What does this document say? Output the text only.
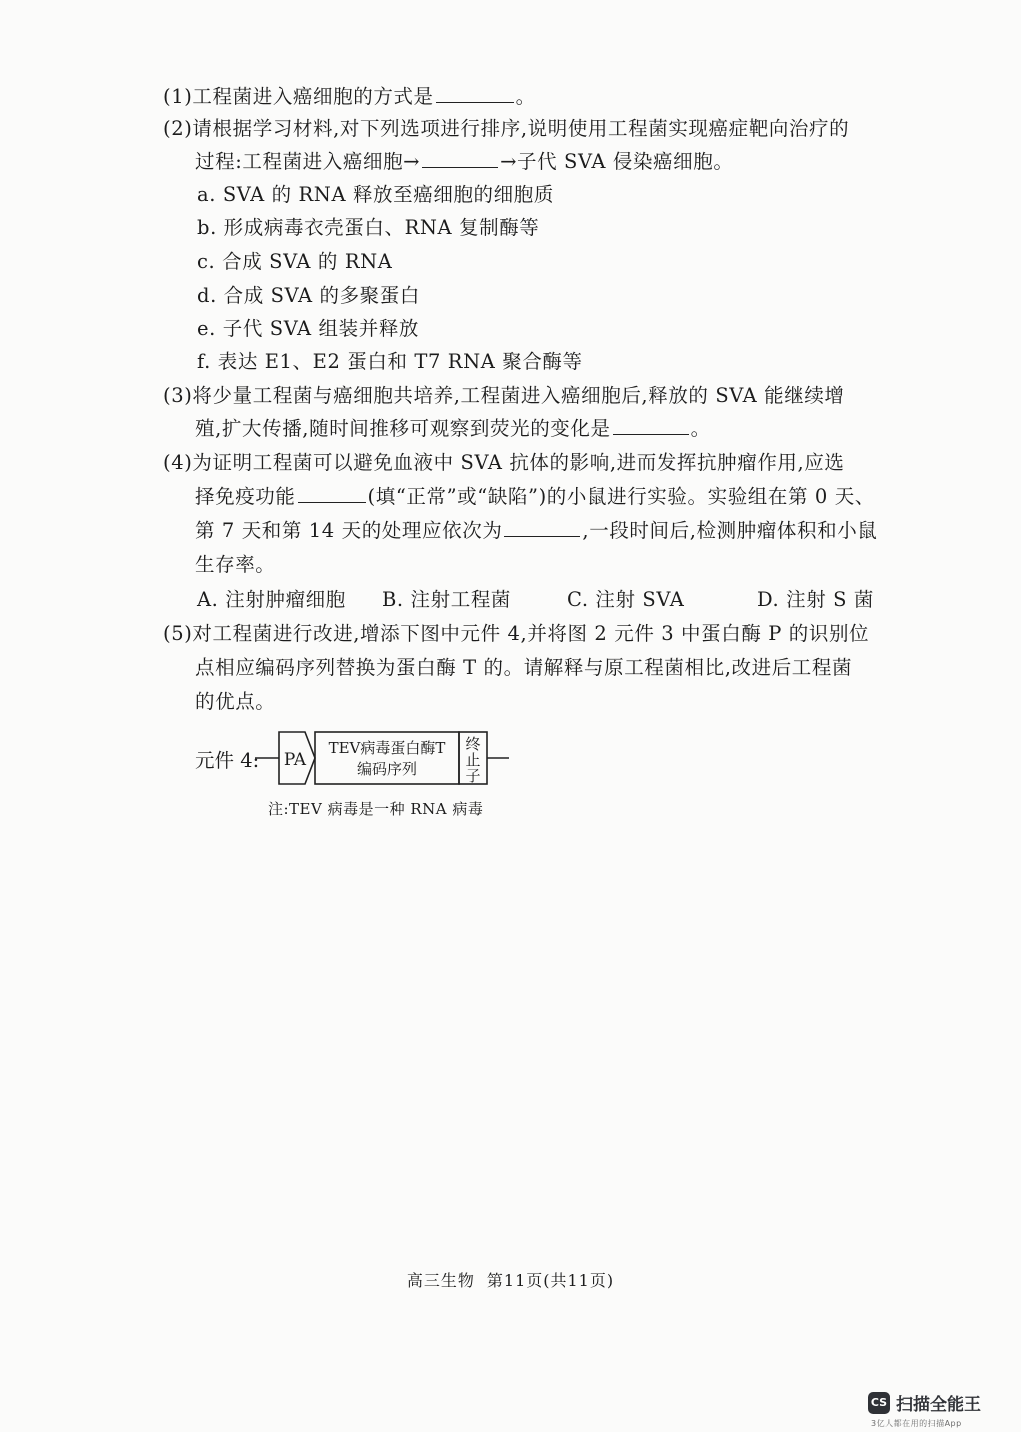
(1)工程菌进入癌细胞的方式是	。
(2)请根据学习材料,对下列选项进行排序,说明使用工程菌实现癌症靶向治疗的
过程:工程菌进入癌细胞→	→子代 SVA 侵染癌细胞。
a. SVA 的 RNA 释放至癌细胞的细胞质
b. 形成病毒衣壳蛋白、RNA 复制酶等
c. 合成 SVA 的 RNA
d. 合成 SVA 的多聚蛋白
e. 子代 SVA 组装并释放
f. 表达 E1、E2 蛋白和 T7 RNA 聚合酶等
(3)将少量工程菌与癌细胞共培养,工程菌进入癌细胞后,释放的 SVA 能继续增
殖,扩大传播,随时间推移可观察到荧光的变化是	。
(4)为证明工程菌可以避免血液中 SVA 抗体的影响,进而发挥抗肿瘤作用,应选
择免疫功能	(填“正常”或“缺陷”)的小鼠进行实验。实验组在第 0 天、
第 7 天和第 14 天的处理应依次为	,一段时间后,检测肿瘤体积和小鼠
生存率。
A. 注射肿瘤细胞 B. 注射工程菌	C. 注射 SVA	D. 注射 S 菌
(5)对工程菌进行改进,增添下图中元件 4,并将图 2 元件 3 中蛋白酶 P 的识别位
点相应编码序列替换为蛋白酶 T 的。请解释与原工程菌相比,改进后工程菌
的优点。
元件 4: PA
TEV病毒蛋白酶T
编码序列
终
止
子
注:TEV 病毒是一种 RNA 病毒
高三生物 第11页(共11页)
CS 扫描全能王
3亿人都在用的扫描App
